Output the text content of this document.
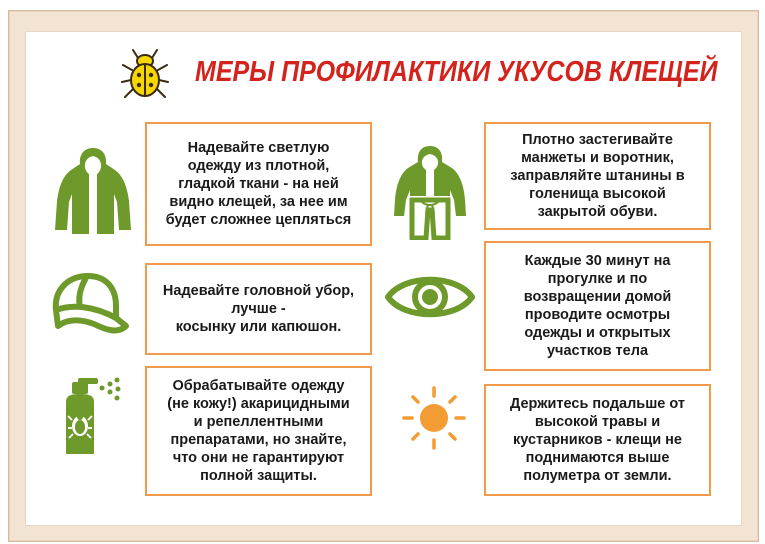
МЕРЫ ПРОФИЛАКТИКИ УКУСОВ КЛЕЩЕЙ
Надевайте светлую
одежду из плотной,
гладкой ткани - на ней
видно клещей, за нее им
будет сложнее цепляться
Надевайте головной убор,
лучше -
косынку или капюшон.
Обрабатывайте одежду
(не кожу!) акарицидными
и репеллентными
препаратами, но знайте,
что они не гарантируют
полной защиты.
Плотно застегивайте
манжеты и воротник,
заправляйте штанины в
голенища высокой
закрытой обуви.
Каждые 30 минут на
прогулке и по
возвращении домой
проводите осмотры
одежды и открытых
участков тела
Держитесь подальше от
высокой травы и
кустарников - клещи не
поднимаются выше
полуметра от земли.
